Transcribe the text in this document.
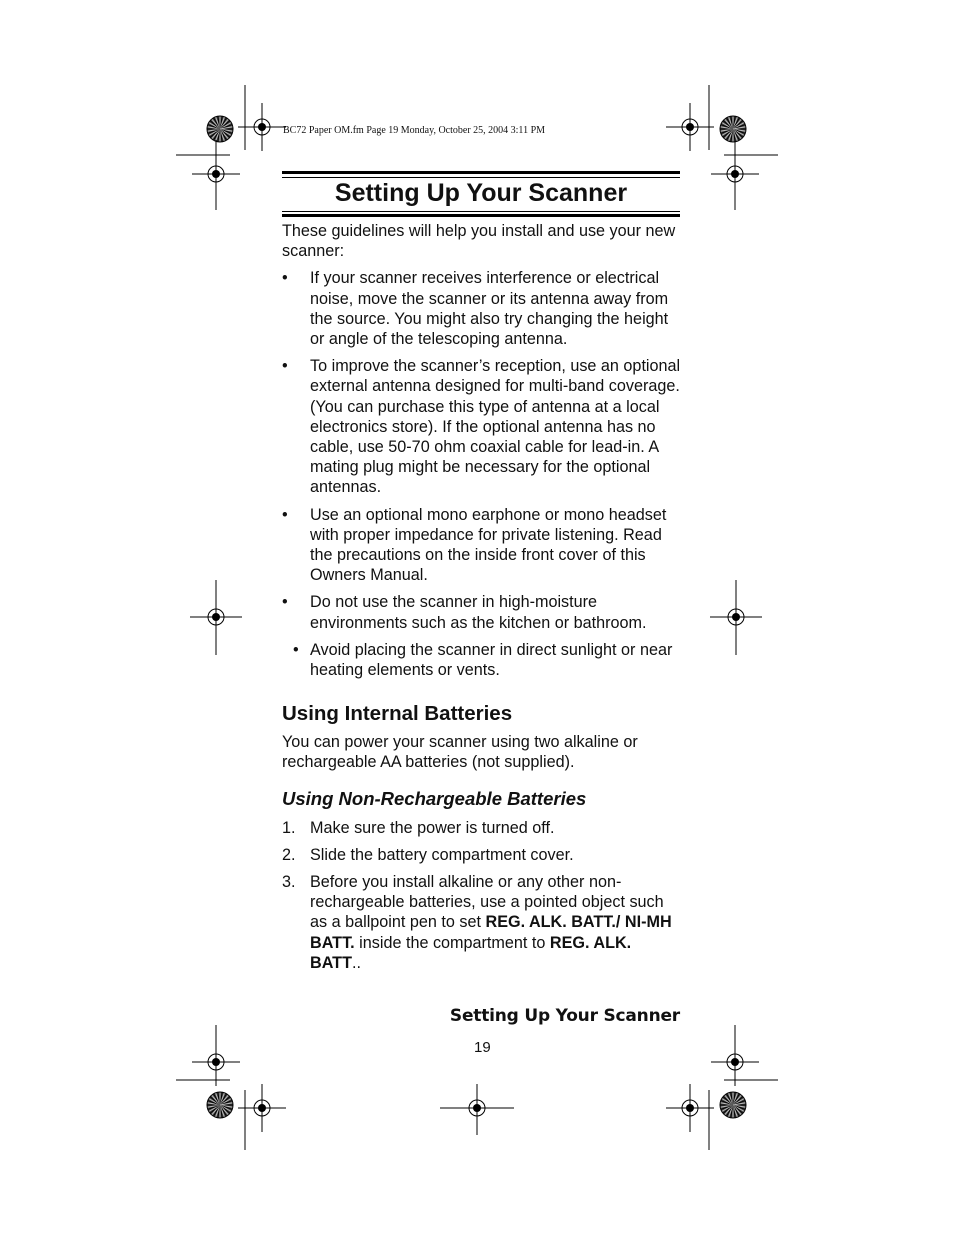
BC72 Paper OM.fm Page 19 Monday, October 25, 2004 3:11 PM
Setting Up Your Scanner

These guidelines will help you install and use your new scanner:

•	If your scanner receives interference or electrical noise, move the scanner or its antenna away from the source. You might also try changing the height or angle of the telescoping antenna.
•	To improve the scanner’s reception, use an optional external antenna designed for multi-band coverage. (You can purchase this type of antenna at a local electronics store). If the optional antenna has no cable, use 50-70 ohm coaxial cable for lead-in. A mating plug might be necessary for the optional antennas.
•	Use an optional mono earphone or mono headset with proper impedance for private listening. Read the precautions on the inside front cover of this Owners Manual.
•	Do not use the scanner in high-moisture environments such as the kitchen or bathroom.
• Avoid placing the scanner in direct sunlight or near heating elements or vents.
Using Internal Batteries

You can power your scanner using two alkaline or rechargeable AA batteries (not supplied).

Using Non-Rechargeable Batteries
1. Make sure the power is turned off.
2. Slide the battery compartment cover.
3. Before you install alkaline or any other non-rechargeable batteries, use a pointed object such as a ballpoint pen to set REG. ALK. BATT./ NI-MH BATT. inside the compartment to REG. ALK. BATT..
Setting Up Your Scanner
19
